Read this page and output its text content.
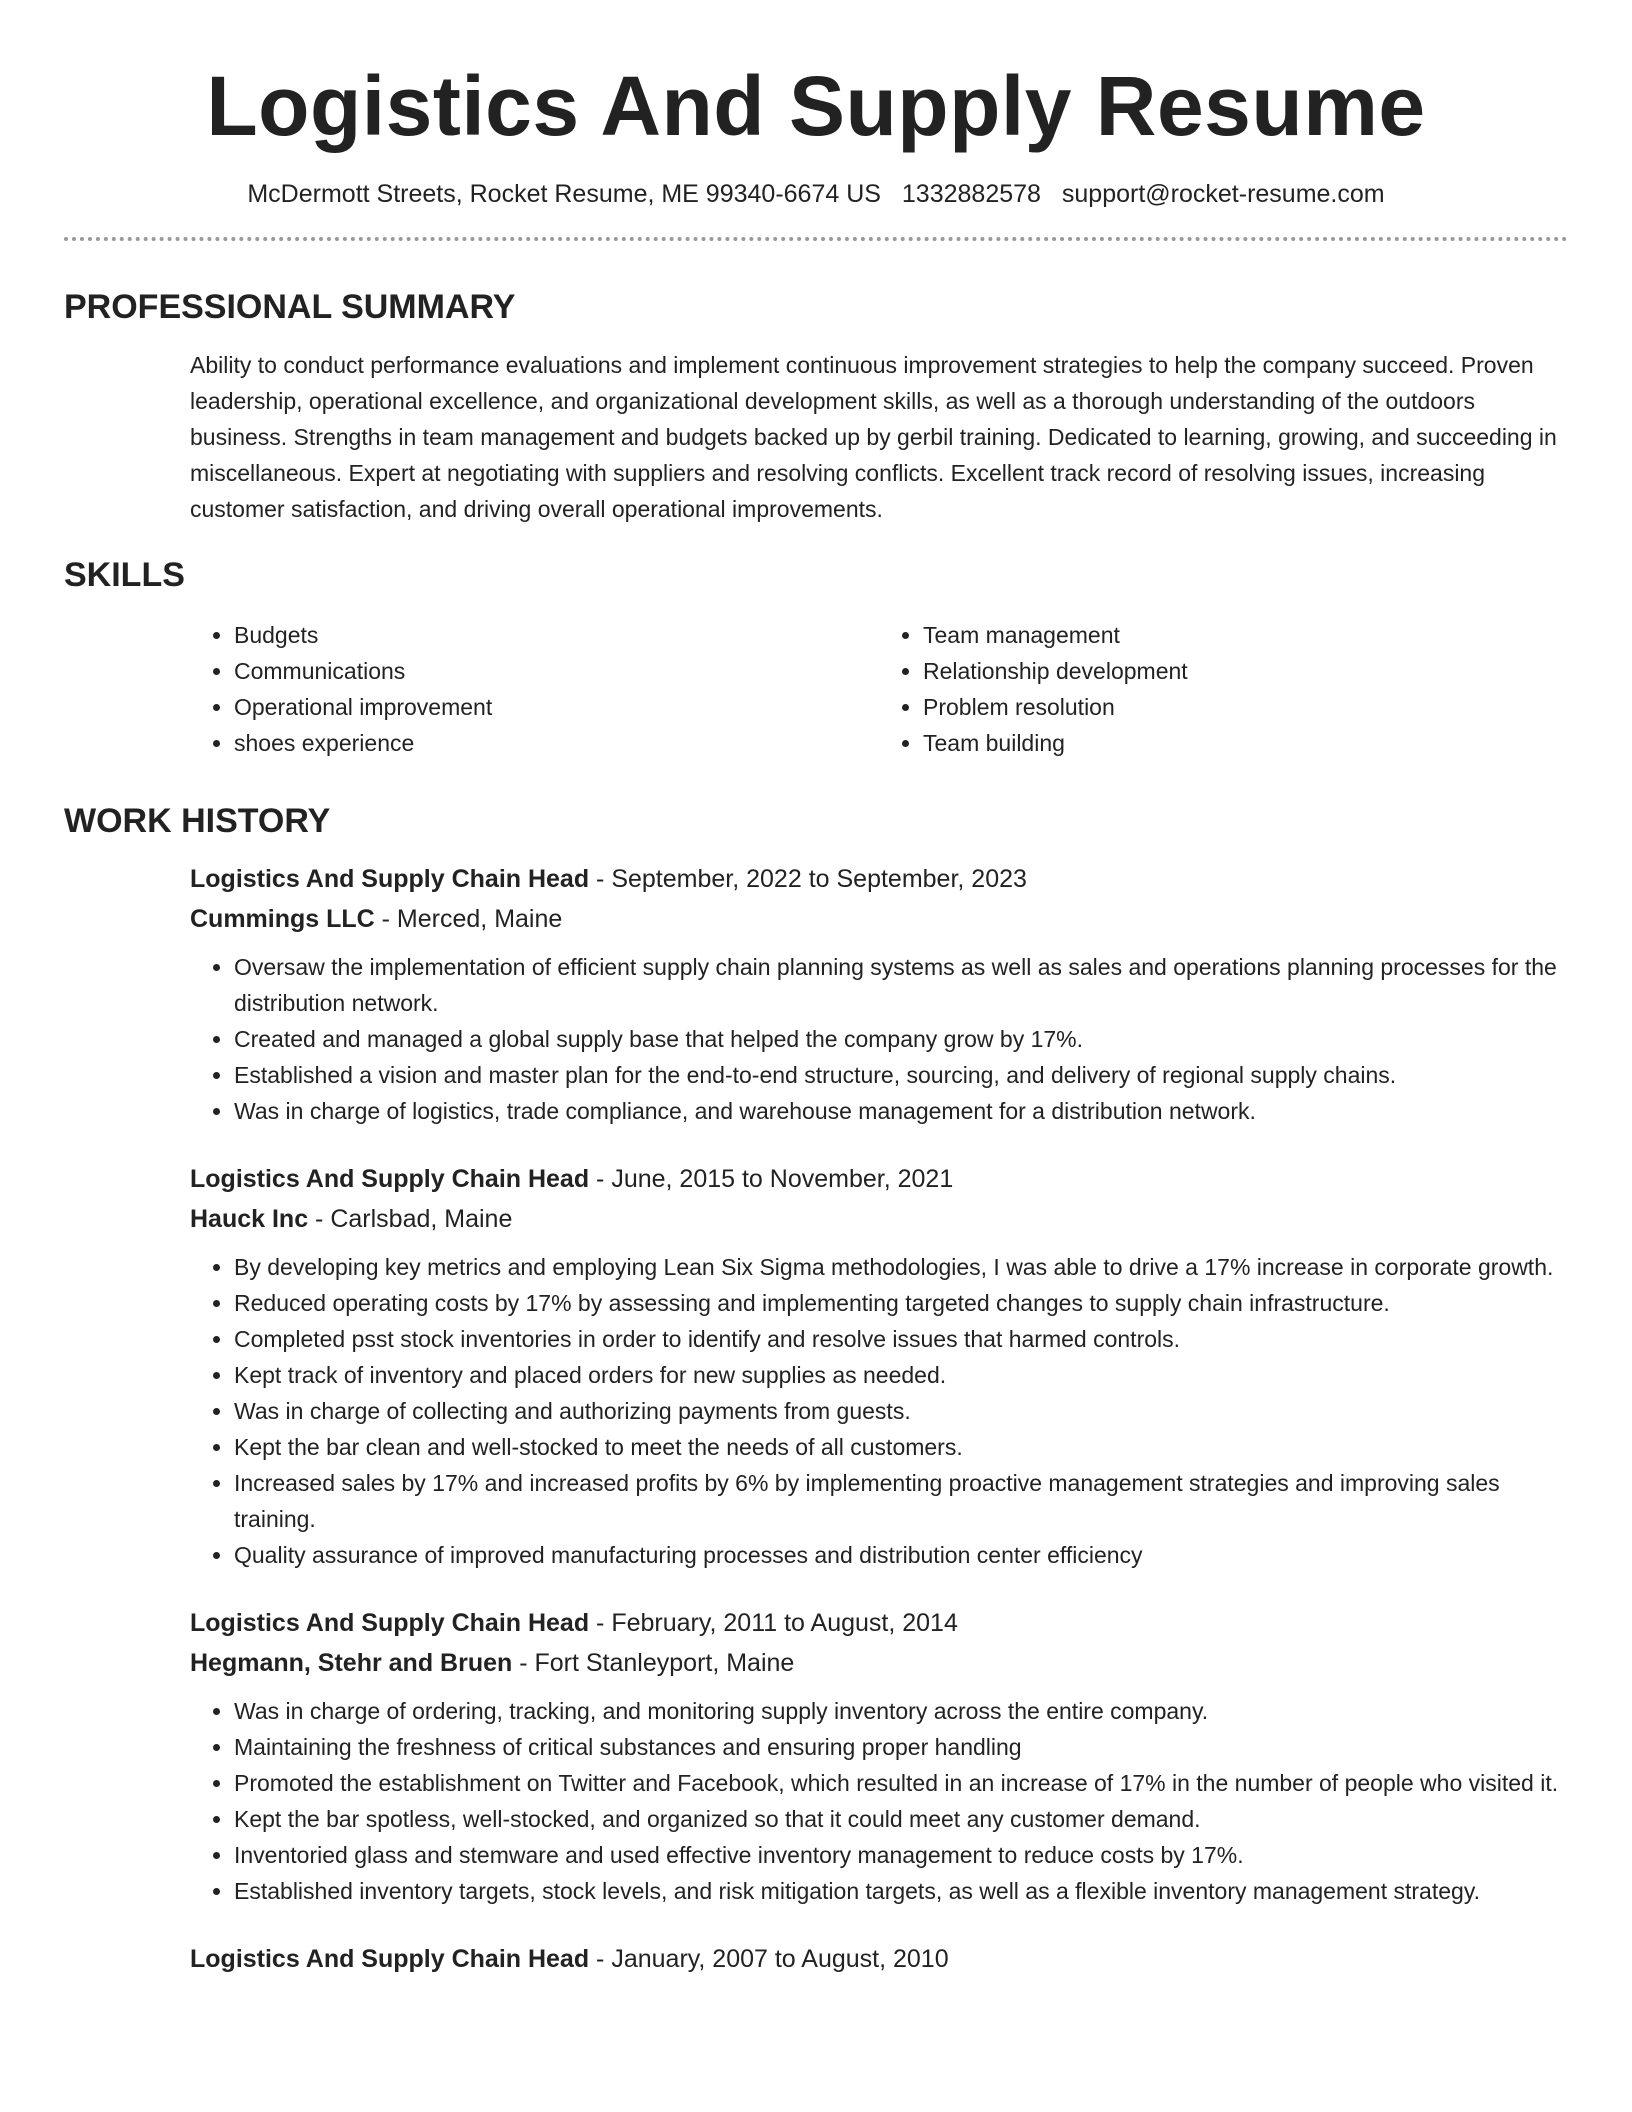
Logistics And Supply Resume
McDermott Streets, Rocket Resume, ME 99340-6674 US 1332882578 support@rocket-resume.com
PROFESSIONAL SUMMARY
Ability to conduct performance evaluations and implement continuous improvement strategies to help the company succeed. Proven leadership, operational excellence, and organizational development skills, as well as a thorough understanding of the outdoors business. Strengths in team management and budgets backed up by gerbil training. Dedicated to learning, growing, and succeeding in miscellaneous. Expert at negotiating with suppliers and resolving conflicts. Excellent track record of resolving issues, increasing customer satisfaction, and driving overall operational improvements.
SKILLS
• Budgets
• Communications
• Operational improvement
• shoes experience
• Team management
• Relationship development
• Problem resolution
• Team building
WORK HISTORY
Logistics And Supply Chain Head - September, 2022 to September, 2023
Cummings LLC - Merced, Maine
• Oversaw the implementation of efficient supply chain planning systems as well as sales and operations planning processes for the distribution network.
• Created and managed a global supply base that helped the company grow by 17%.
• Established a vision and master plan for the end-to-end structure, sourcing, and delivery of regional supply chains.
• Was in charge of logistics, trade compliance, and warehouse management for a distribution network.
Logistics And Supply Chain Head - June, 2015 to November, 2021
Hauck Inc - Carlsbad, Maine
• By developing key metrics and employing Lean Six Sigma methodologies, I was able to drive a 17% increase in corporate growth.
• Reduced operating costs by 17% by assessing and implementing targeted changes to supply chain infrastructure.
• Completed psst stock inventories in order to identify and resolve issues that harmed controls.
• Kept track of inventory and placed orders for new supplies as needed.
• Was in charge of collecting and authorizing payments from guests.
• Kept the bar clean and well-stocked to meet the needs of all customers.
• Increased sales by 17% and increased profits by 6% by implementing proactive management strategies and improving sales training.
• Quality assurance of improved manufacturing processes and distribution center efficiency
Logistics And Supply Chain Head - February, 2011 to August, 2014
Hegmann, Stehr and Bruen - Fort Stanleyport, Maine
• Was in charge of ordering, tracking, and monitoring supply inventory across the entire company.
• Maintaining the freshness of critical substances and ensuring proper handling
• Promoted the establishment on Twitter and Facebook, which resulted in an increase of 17% in the number of people who visited it.
• Kept the bar spotless, well-stocked, and organized so that it could meet any customer demand.
• Inventoried glass and stemware and used effective inventory management to reduce costs by 17%.
• Established inventory targets, stock levels, and risk mitigation targets, as well as a flexible inventory management strategy.
Logistics And Supply Chain Head - January, 2007 to August, 2010
